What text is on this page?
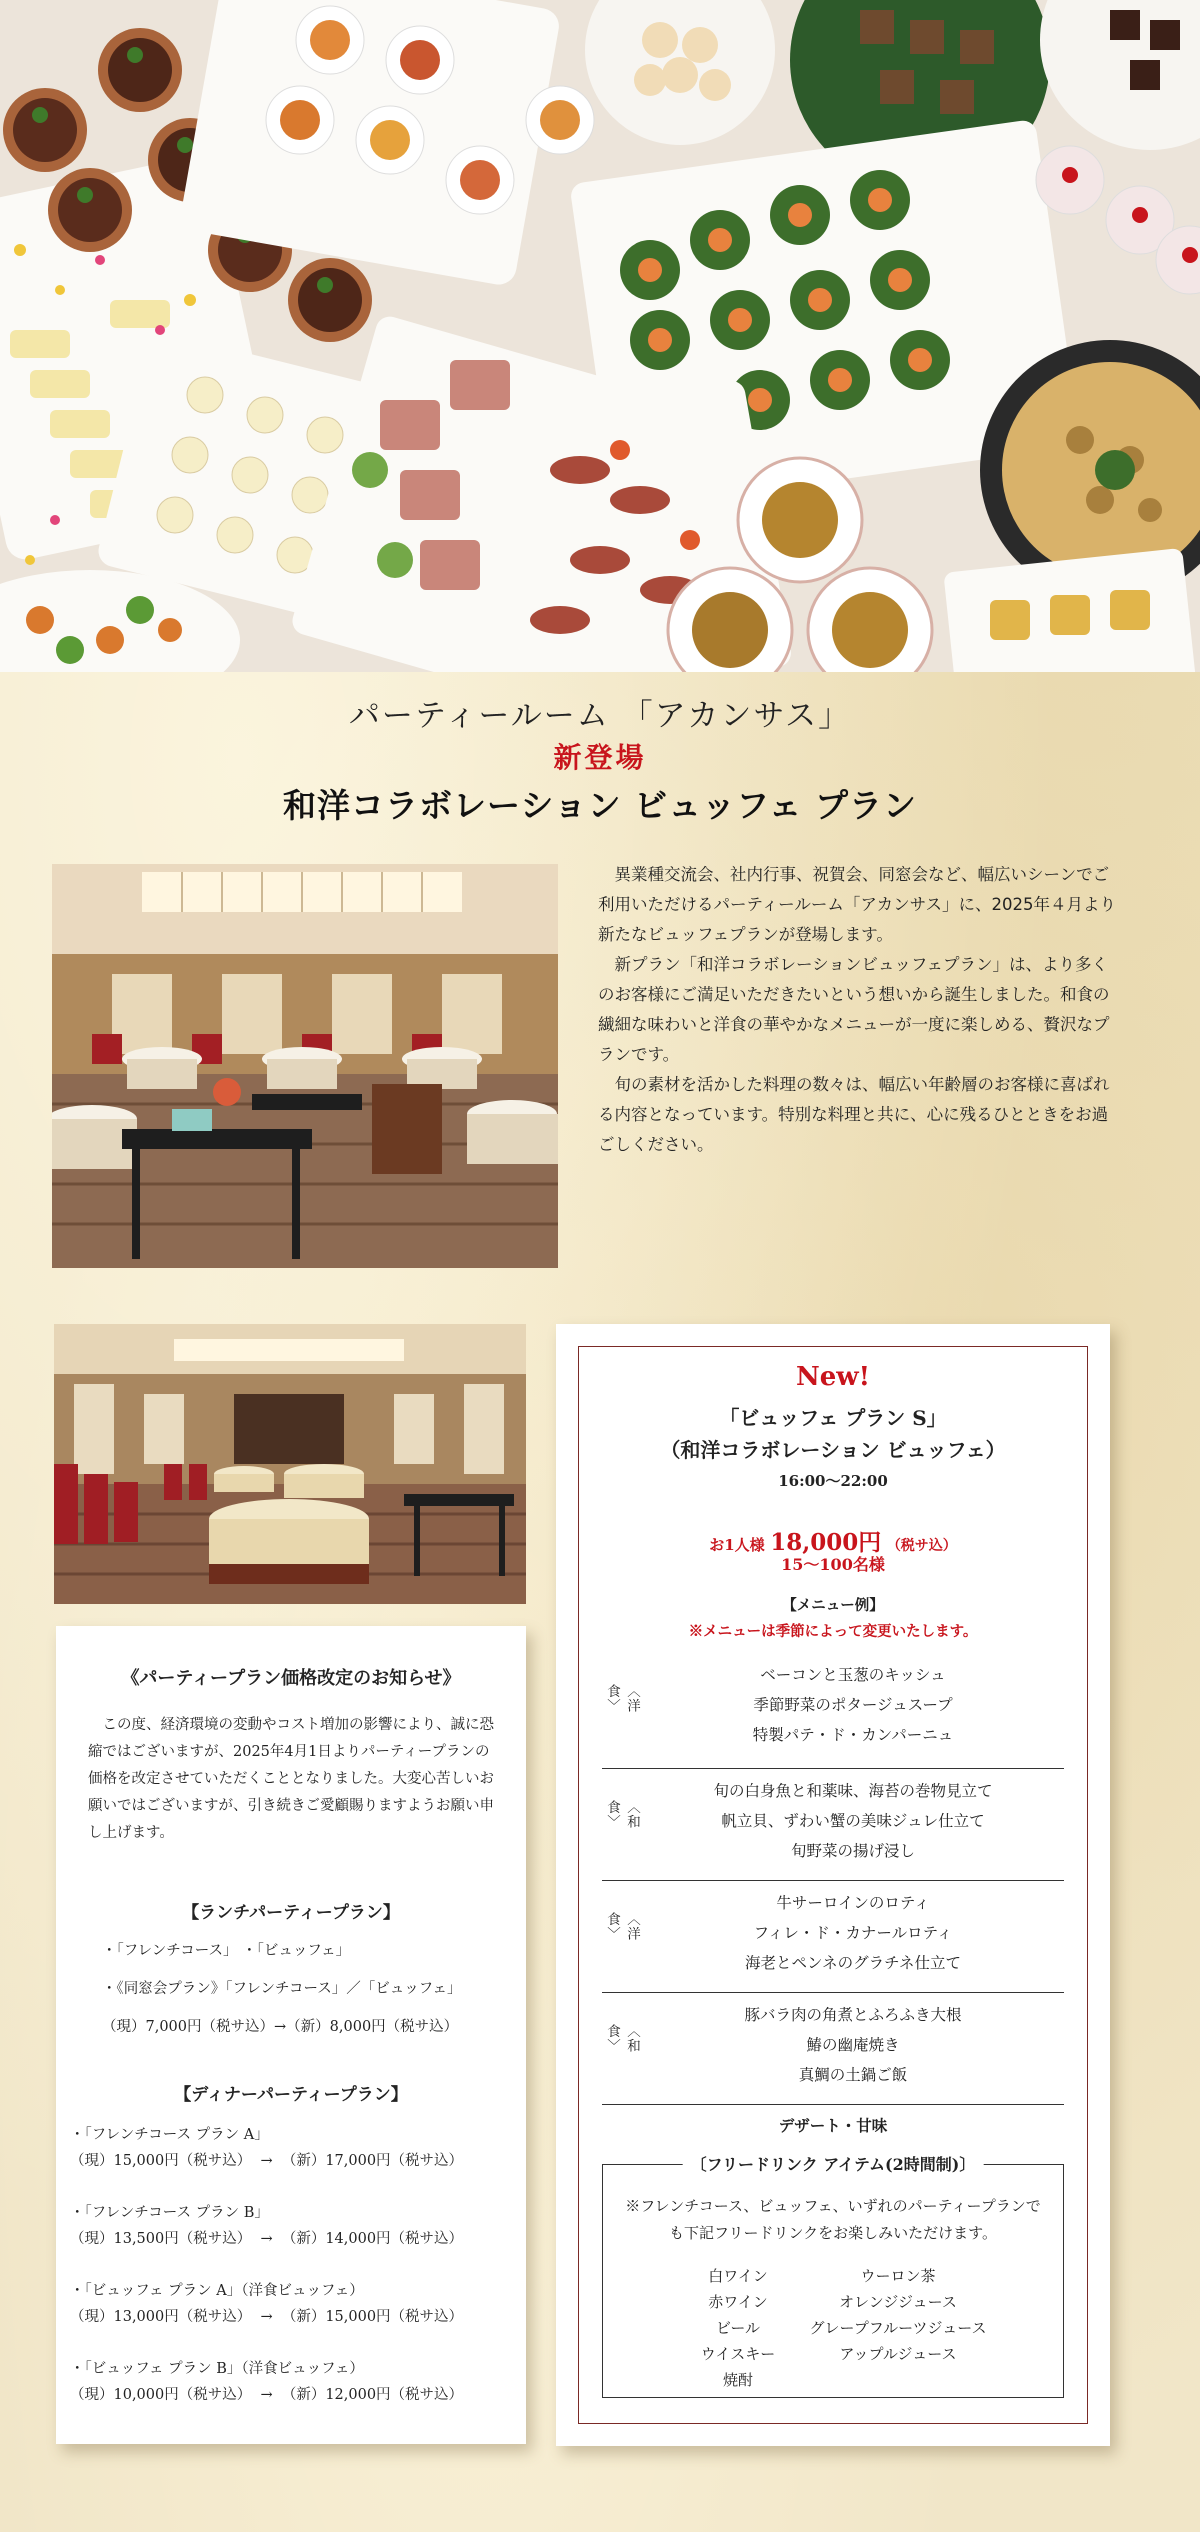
パーティールーム 「アカンサス」
新登場
和洋コラボレーション ビュッフェ プラン

異業種交流会、社内行事、祝賀会、同窓会など、幅広いシーンでご利用いただけるパーティールーム「アカンサス」に、2025年４月より新たなビュッフェプランが登場します。

新プラン「和洋コラボレーションビュッフェプラン」は、より多くのお客様にご満足いただきたいという想いから誕生しました。和食の繊細な味わいと洋食の華やかなメニューが一度に楽しめる、贅沢なプランです。

旬の素材を活かした料理の数々は、幅広い年齢層のお客様に喜ばれる内容となっています。特別な料理と共に、心に残るひとときをお過ごしください。

《パーティープラン価格改定のお知らせ》
この度、経済環境の変動やコスト増加の影響により、誠に恐縮ではございますが、2025年4月1日よりパーティープランの価格を改定させていただくこととなりました。大変心苦しいお願いではございますが、引き続きご愛顧賜りますようお願い申し上げます。
【ランチパーティープラン】
・「フレンチコース」 ・「ビュッフェ」
・《同窓会プラン》「フレンチコース」／「ビュッフェ」
（現）7,000円（税サ込）→（新）8,000円（税サ込）
【ディナーパーティープラン】
・「フレンチコース プラン A」
（現）15,000円（税サ込）  →  （新）17,000円（税サ込）
・「フレンチコース プラン B」
（現）13,500円（税サ込）  →  （新）14,000円（税サ込）
・「ビュッフェ プラン A」（洋食ビュッフェ）
（現）13,000円（税サ込）  →  （新）15,000円（税サ込）
・「ビュッフェ プラン B」（洋食ビュッフェ）
（現）10,000円（税サ込）  →  （新）12,000円（税サ込）
New!
「ビュッフェ プラン S」
（和洋コラボレーション ビュッフェ）
16:00～22:00
お1人様 18,000円 （税サ込）
15～100名様
【メニュー例】
※メニューは季節によって変更いたします。
〈洋食〉
ベーコンと玉葱のキッシュ
季節野菜のポタージュスープ
特製パテ・ド・カンパーニュ
〈和食〉
旬の白身魚と和薬味、海苔の巻物見立て
帆立貝、ずわい蟹の美味ジュレ仕立て
旬野菜の揚げ浸し
〈洋食〉
牛サーロインのロティ
フィレ・ド・カナールロティ
海老とペンネのグラチネ仕立て
〈和食〉
豚バラ肉の角煮とふろふき大根
鰆の幽庵焼き
真鯛の土鍋ご飯
デザート・甘味
〔フリードリンク アイテム(2時間制)〕
※フレンチコース、ビュッフェ、いずれのパーティープランでも下記フリードリンクをお楽しみいただけます。
白ワイン
赤ワイン
ビール
ウイスキー
焼酎
ウーロン茶
オレンジジュース
グレープフルーツジュース
アップルジュース
